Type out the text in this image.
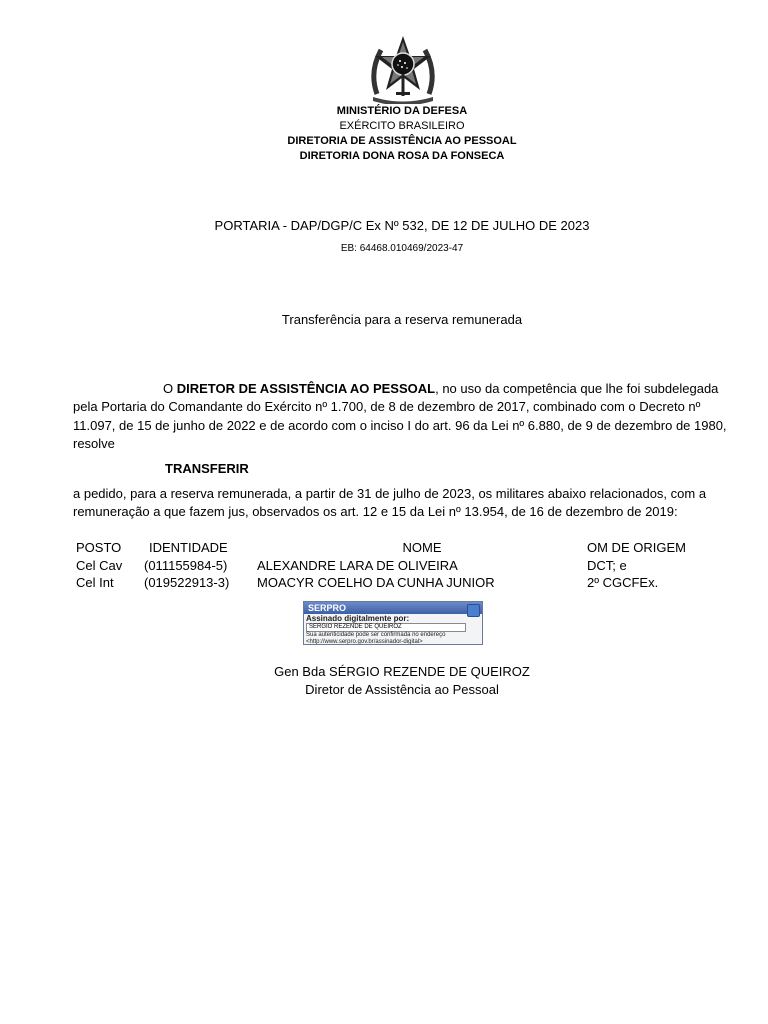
MINISTÉRIO DA DEFESA
EXÉRCITO BRASILEIRO
DIRETORIA DE ASSISTÊNCIA AO PESSOAL
DIRETORIA DONA ROSA DA FONSECA
PORTARIA - DAP/DGP/C Ex Nº 532, DE 12 DE JULHO DE 2023
EB: 64468.010469/2023-47
Transferência para a reserva remunerada
O DIRETOR DE ASSISTÊNCIA AO PESSOAL, no uso da competência que lhe foi subdelegada pela Portaria do Comandante do Exército nº 1.700, de 8 de dezembro de 2017, combinado com o Decreto nº 11.097, de 15 de junho de 2022 e de acordo com o inciso I do art. 96 da Lei nº 6.880, de 9 de dezembro de 1980, resolve
TRANSFERIR
a pedido, para a reserva remunerada, a partir de 31 de julho de 2023, os militares abaixo relacionados, com a remuneração a que fazem jus, observados os art. 12 e 15 da Lei nº 13.954, de 16 de dezembro de 2019:
POSTO	IDENTIDADE	NOME	OM DE ORIGEM
Cel Cav	(011155984-5)	ALEXANDRE LARA DE OLIVEIRA	DCT; e
Cel Int	(019522913-3)	MOACYR COELHO DA CUNHA JUNIOR	2º CGCFEx.
SERPRO
Assinado digitalmente por:
SERGIO REZENDE DE QUEIROZ
Sua autenticidade pode ser confirmada no endereço
<http://www.serpro.gov.br/assinador-digital>
Gen Bda SÉRGIO REZENDE DE QUEIROZ
Diretor de Assistência ao Pessoal
